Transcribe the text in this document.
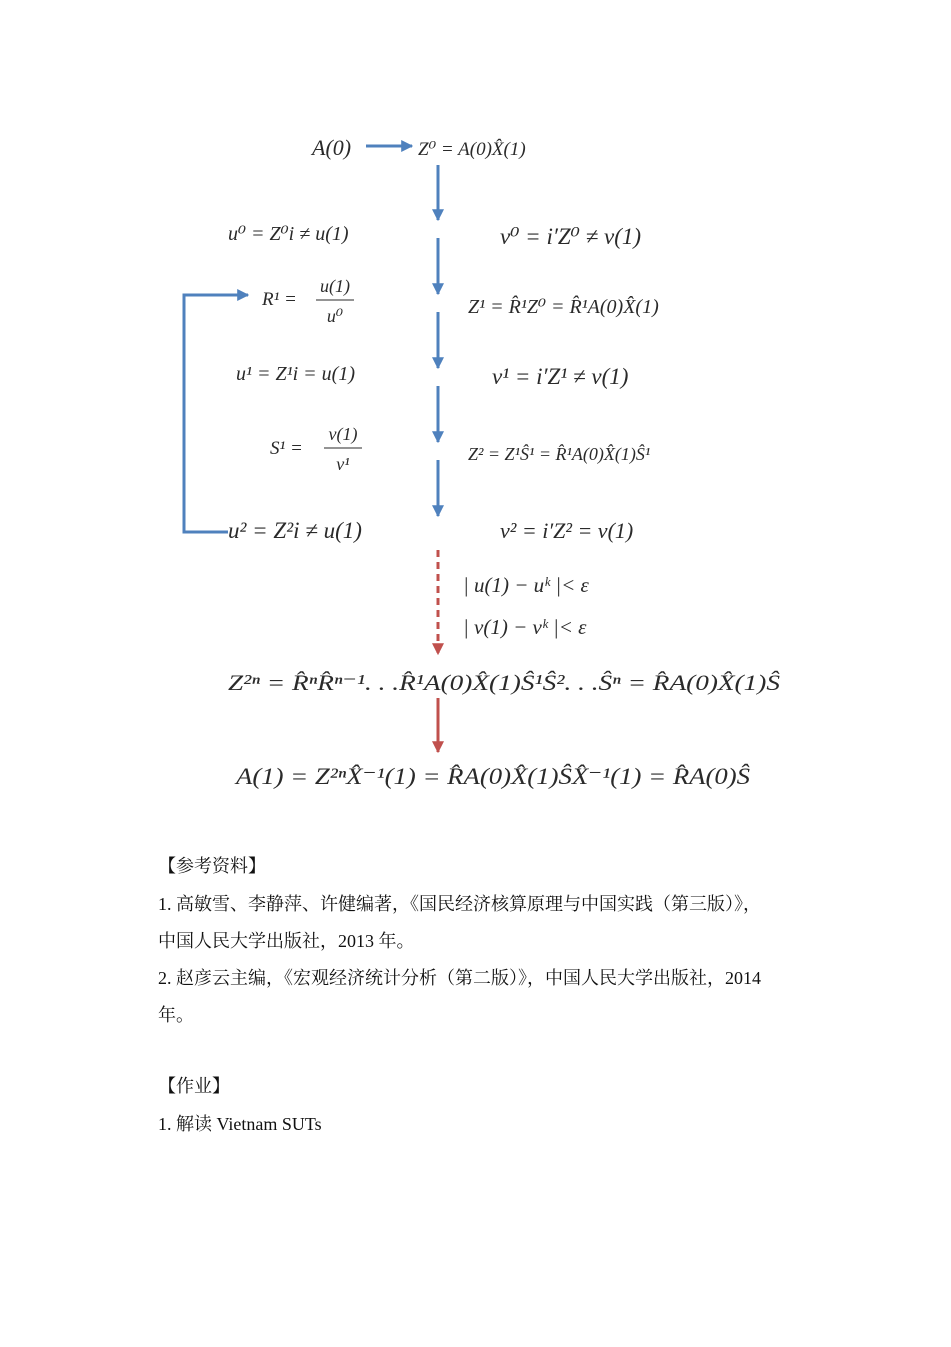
A(0)	Z⁰ = A(0)X̂(1)
u⁰ = Z⁰i ≠ u(1)	v⁰ = i′Z⁰ ≠ v(1)
R¹ =
u(1)
u⁰	Z¹ = R̂¹Z⁰ = R̂¹A(0)X̂(1)
u¹ = Z¹i = u(1)	v¹ = i′Z¹ ≠ v(1)
S¹ =
v(1)
v¹	Z² = Z¹Ŝ¹ = R̂¹A(0)X̂(1)Ŝ¹
u² = Z²i ≠ u(1)	v² = i′Z² = v(1)
| u(1) − uᵏ |< ε
| v(1) − vᵏ |< ε
Z²ⁿ = R̂ⁿR̂ⁿ⁻¹. . .R̂¹A(0)X̂(1)Ŝ¹Ŝ². . .Ŝⁿ = R̂A(0)X̂(1)Ŝ
A(1) = Z²ⁿX̂⁻¹(1) = R̂A(0)X̂(1)ŜX̂⁻¹(1) = R̂A(0)Ŝ
【参考资料】
1. 高敏雪、李静萍、许健编著，《国民经济核算原理与中国实践（第三版）》，
中国人民大学出版社，2013 年。
2. 赵彦云主编，《宏观经济统计分析（第二版）》，中国人民大学出版社，2014
年。
【作业】
1. 解读 Vietnam SUTs
